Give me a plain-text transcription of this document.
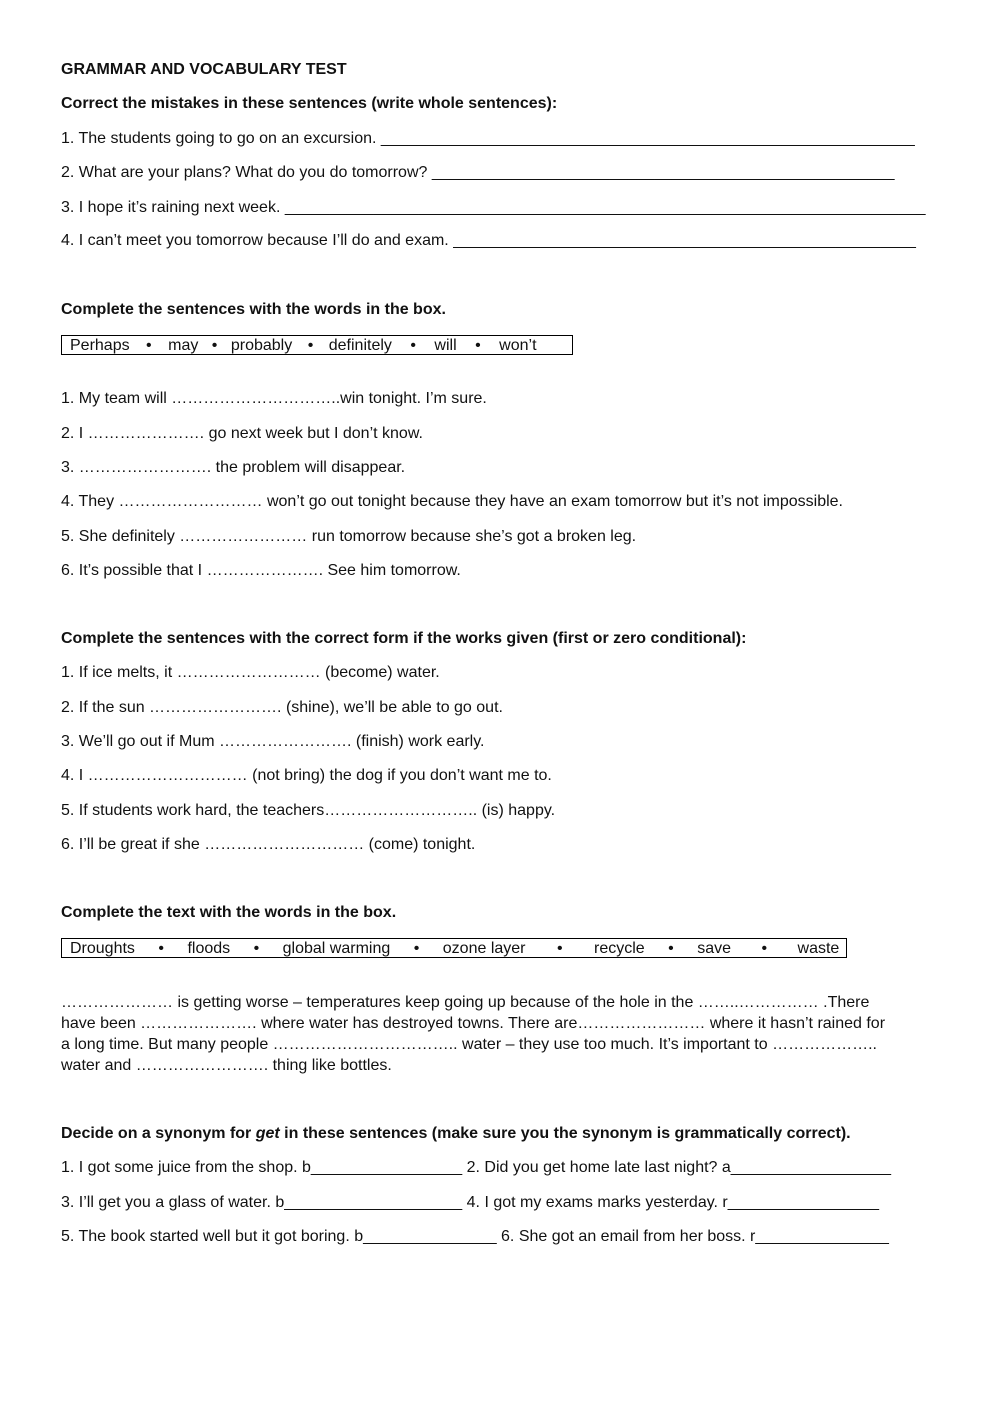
GRAMMAR AND VOCABULARY TEST
Correct the mistakes in these sentences (write whole sentences):
1. The students going to go on an excursion. ____________________________________________________________
2. What are your plans? What do you do tomorrow? ____________________________________________________
3. I hope it’s raining next week. ________________________________________________________________________
4. I can’t meet you tomorrow because I’ll do and exam. ____________________________________________________
Complete the sentences with the words in the box.
Perhaps • may • probably • definitely • will • won’t
1. My team will …………………………..win tonight. I’m sure.
2. I …………………. go next week but I don’t know.
3. ……………………. the problem will disappear.
4. They ……………………… won’t go out tonight because they have an exam tomorrow but it’s not impossible.
5. She definitely …………………… run tomorrow because she’s got a broken leg.
6. It’s possible that I …………………. See him tomorrow.
Complete the sentences with the correct form if the works given (first or zero conditional):
1. If ice melts, it ……………………… (become) water.
2. If the sun ……………………. (shine), we’ll be able to go out.
3. We’ll go out if Mum ……………………. (finish) work early.
4. I ………………………… (not bring) the dog if you don’t want me to.
5. If students work hard, the teachers……………………….. (is) happy.
6. I’ll be great if she ………………………… (come) tonight.
Complete the text with the words in the box.
Droughts • floods • global warming • ozone layer • recycle • save • waste
………………… is getting worse – temperatures keep going up because of the hole in the ……..…………… .There
have been …………………. where water has destroyed towns. There are…………………… where it hasn’t rained for
a long time. But many people …………………………….. water – they use too much. It’s important to ………………..
water and ……………………. thing like bottles.
Decide on a synonym for get in these sentences (make sure you the synonym is grammatically correct).
1. I got some juice from the shop. b_________________ 2. Did you get home late last night? a__________________
3. I’ll get you a glass of water. b____________________ 4. I got my exams marks yesterday. r_________________
5. The book started well but it got boring. b_______________ 6. She got an email from her boss. r_______________
